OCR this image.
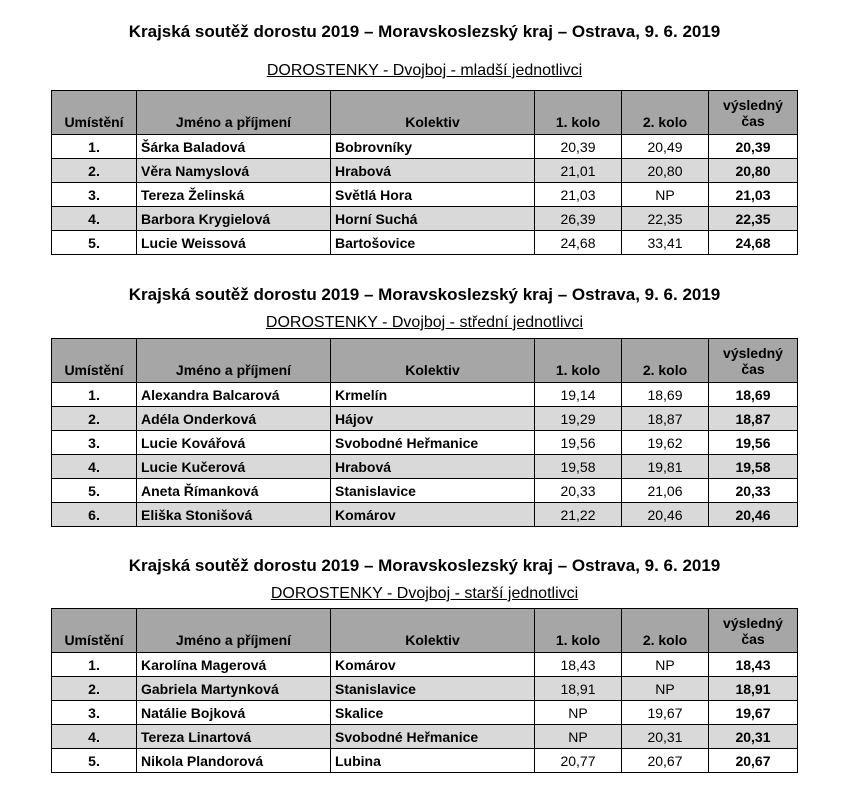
Krajská soutěž dorostu 2019 – Moravskoslezský kraj – Ostrava, 9. 6. 2019
DOROSTENKY - Dvojboj - mladší jednotlivci
Umístění	Jméno a příjmení	Kolektiv	1. kolo	2. kolo	výsledný
čas
1.	Šárka Baladová	Bobrovníky	20,39	20,49	20,39
2.	Věra Namyslová	Hrabová	21,01	20,80	20,80
3.	Tereza Želinská	Světlá Hora	21,03	NP	21,03
4.	Barbora Krygielová	Horní Suchá	26,39	22,35	22,35
5.	Lucie Weissová	Bartošovice	24,68	33,41	24,68
Krajská soutěž dorostu 2019 – Moravskoslezský kraj – Ostrava, 9. 6. 2019
DOROSTENKY - Dvojboj - střední jednotlivci
Umístění	Jméno a příjmení	Kolektiv	1. kolo	2. kolo	výsledný
čas
1.	Alexandra Balcarová	Krmelín	19,14	18,69	18,69
2.	Adéla Onderková	Hájov	19,29	18,87	18,87
3.	Lucie Kovářová	Svobodné Heřmanice	19,56	19,62	19,56
4.	Lucie Kučerová	Hrabová	19,58	19,81	19,58
5.	Aneta Římanková	Stanislavice	20,33	21,06	20,33
6.	Eliška Stonišová	Komárov	21,22	20,46	20,46
Krajská soutěž dorostu 2019 – Moravskoslezský kraj – Ostrava, 9. 6. 2019
DOROSTENKY - Dvojboj - starší jednotlivci
Umístění	Jméno a příjmení	Kolektiv	1. kolo	2. kolo	výsledný
čas
1.	Karolína Magerová	Komárov	18,43	NP	18,43
2.	Gabriela Martynková	Stanislavice	18,91	NP	18,91
3.	Natálie Bojková	Skalice	NP	19,67	19,67
4.	Tereza Linartová	Svobodné Heřmanice	NP	20,31	20,31
5.	Nikola Plandorová	Lubina	20,77	20,67	20,67
